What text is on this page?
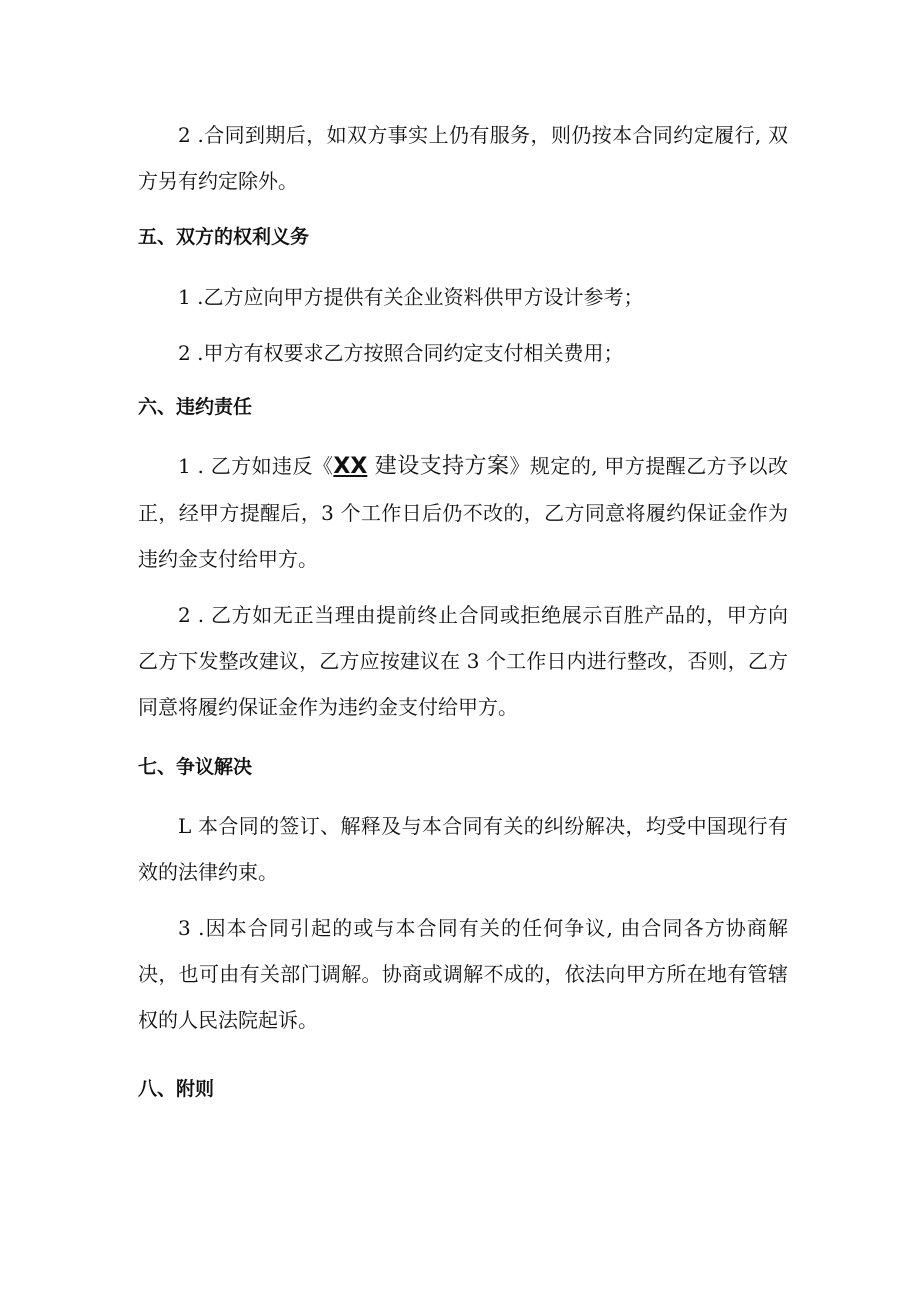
2 .合同到期后，如双方事实上仍有服务，则仍按本合同约定履行, 双方另有约定除外。

五、双方的权利义务

1 .乙方应向甲方提供有关企业资料供甲方设计参考；

2 .甲方有权要求乙方按照合同约定支付相关费用；

六、违约责任

1 . 乙方如违反《XX 建设支持方案》规定的, 甲方提醒乙方予以改正，经甲方提醒后，3 个工作日后仍不改的，乙方同意将履约保证金作为违约金支付给甲方。

2 . 乙方如无正当理由提前终止合同或拒绝展示百胜产品的，甲方向乙方下发整改建议，乙方应按建议在 3 个工作日内进行整改，否则，乙方同意将履约保证金作为违约金支付给甲方。

七、争议解决

L 本合同的签订、解释及与本合同有关的纠纷解决，均受中国现行有效的法律约束。

3 .因本合同引起的或与本合同有关的任何争议, 由合同各方协商解决，也可由有关部门调解。协商或调解不成的，依法向甲方所在地有管辖权的人民法院起诉。

八、附则
